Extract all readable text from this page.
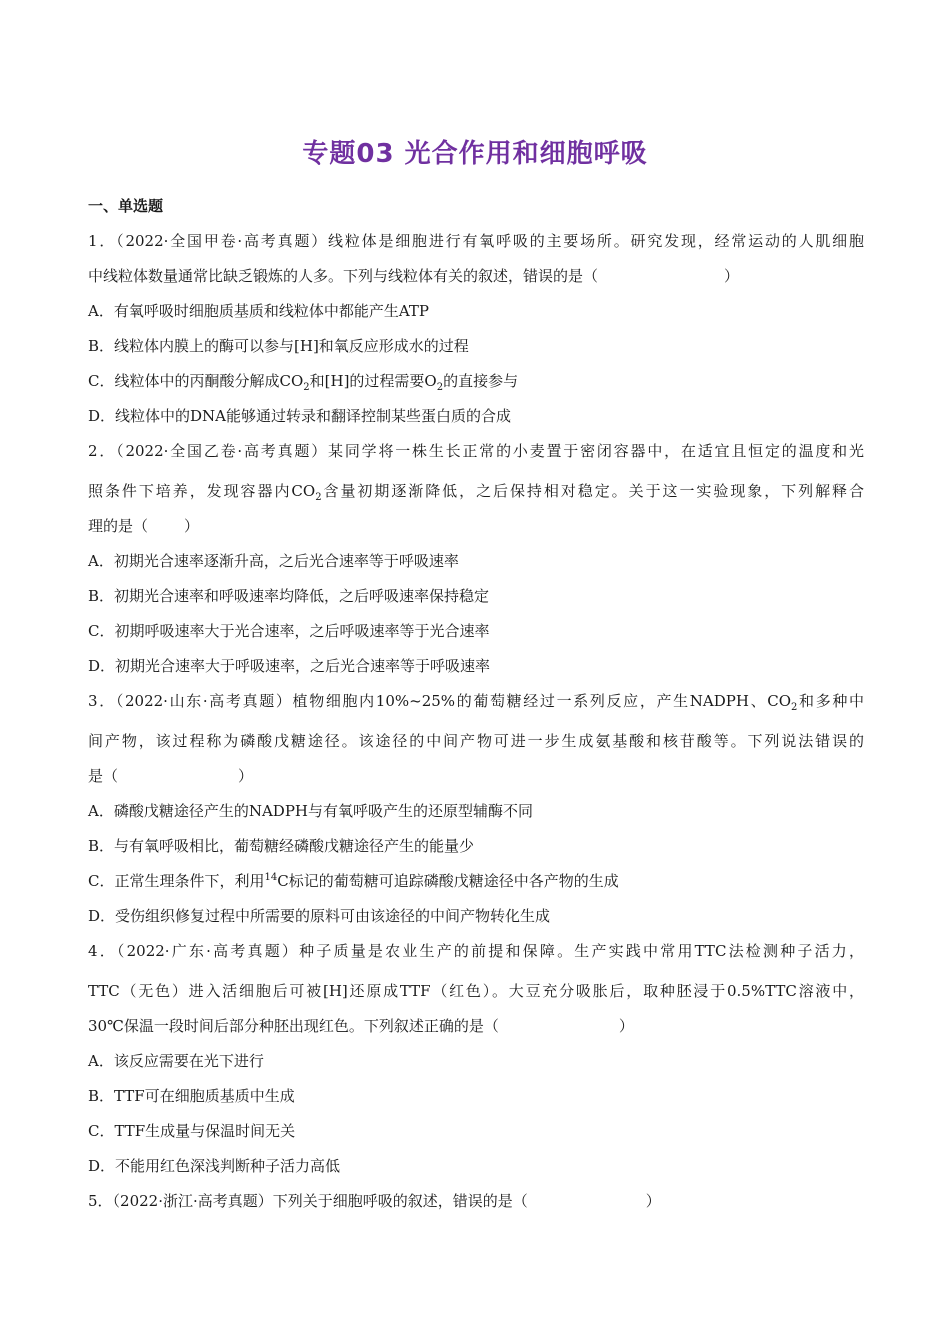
专题03 光合作用和细胞呼吸
一、单选题
1．（2022·全国甲卷·高考真题）线粒体是细胞进行有氧呼吸的主要场所。研究发现，经常运动的人肌细胞
中线粒体数量通常比缺乏锻炼的人多。下列与线粒体有关的叙述，错误的是（	）
A．有氧呼吸时细胞质基质和线粒体中都能产生ATP
B．线粒体内膜上的酶可以参与[H]和氧反应形成水的过程
C．线粒体中的丙酮酸分解成$CO_2$和[H]的过程需要$O_2$的直接参与
D．线粒体中的DNA能够通过转录和翻译控制某些蛋白质的合成
2．（2022·全国乙卷·高考真题）某同学将一株生长正常的小麦置于密闭容器中，在适宜且恒定的温度和光
照条件下培养，发现容器内$CO_2$含量初期逐渐降低，之后保持相对稳定。关于这一实验现象，下列解释合
理的是（ ）
A．初期光合速率逐渐升高，之后光合速率等于呼吸速率
B．初期光合速率和呼吸速率均降低，之后呼吸速率保持稳定
C．初期呼吸速率大于光合速率，之后呼吸速率等于光合速率
D．初期光合速率大于呼吸速率，之后光合速率等于呼吸速率
3．（2022·山东·高考真题）植物细胞内10%~25%的葡萄糖经过一系列反应，产生NADPH、$CO_2$和多种中
间产物，该过程称为磷酸戊糖途径。该途径的中间产物可进一步生成氨基酸和核苷酸等。下列说法错误的
是（	）
A．磷酸戊糖途径产生的NADPH与有氧呼吸产生的还原型辅酶不同
B．与有氧呼吸相比，葡萄糖经磷酸戊糖途径产生的能量少
C．正常生理条件下，利用$^{14}$C标记的葡萄糖可追踪磷酸戊糖途径中各产物的生成
D．受伤组织修复过程中所需要的原料可由该途径的中间产物转化生成
4．（2022·广东·高考真题）种子质量是农业生产的前提和保障。生产实践中常用TTC法检测种子活力，
TTC（无色）进入活细胞后可被[H]还原成TTF（红色）。大豆充分吸胀后，取种胚浸于0.5%TTC溶液中，
30℃保温一段时间后部分种胚出现红色。下列叙述正确的是（	）
A．该反应需要在光下进行
B．TTF可在细胞质基质中生成
C．TTF生成量与保温时间无关
D．不能用红色深浅判断种子活力高低
5．（2022·浙江·高考真题）下列关于细胞呼吸的叙述，错误的是（	）
